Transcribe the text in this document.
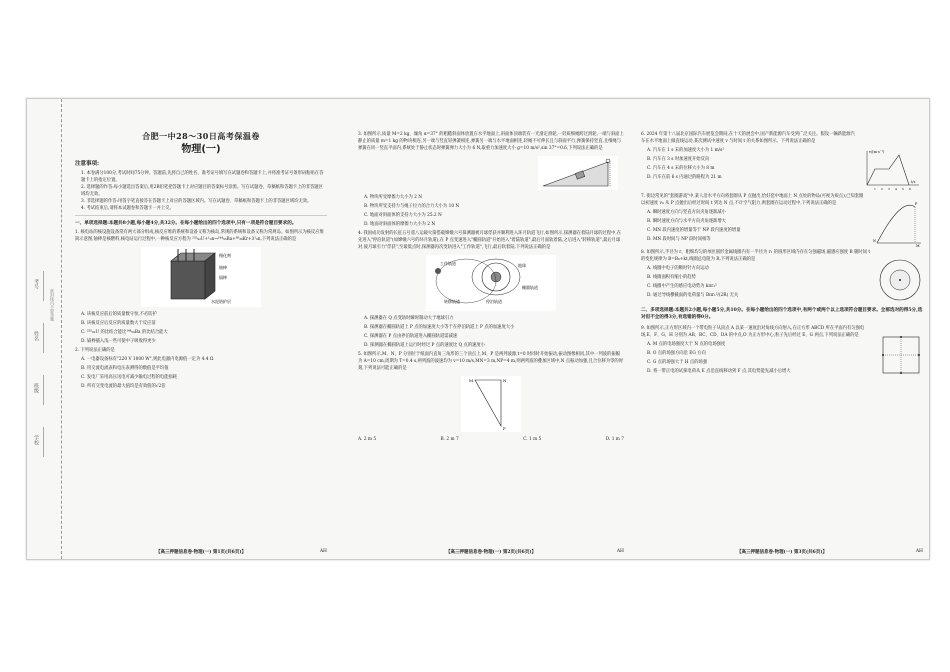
考号
姓名
班级
学校
密封线内不要答题
合肥一中28～30日高考保温卷
物理(一)
注意事项:
1. 本卷满分100分,考试时间75分钟。答题前,先将自己的姓名、准考证号填写在试题卷和答题卡上,并将准考证号条形码粘贴在答题卡上的指定位置。
2. 选择题的作答:每小题选出答案后,用2B铅笔把答题卡上对应题目的答案标号涂黑。写在试题卷、草稿纸和答题卡上的非答题区域均无效。
3. 非选择题的作答:用签字笔直接答在答题卡上对应的答题区域内。写在试题卷、草稿纸和答题卡上的非答题区域均无效。
4. 考试结束后,请将本试题卷和答题卡一并上交。
一、单项选择题:本题共8小题,每小题4分,共32分。在每小题给出的四个选项中,只有一项是符合题目要求的。
1. 核电站的核设施设备常有两大部分组成,核反应堆的系统和设备又称为核岛,常规的系统和设备又称为常规岛。如图所示为核反应堆简示意图,铀棒是核燃料,核电站运行过程中,一种核反应方程为 ²³⁵₉₂U+¹₀n→¹⁴⁴₅₆Ba+⁸⁹₃₆Kr+3¹₀n,下列说法正确的是
慢化剂
铀棒
镉棒
水泥防护层
A. 该核反应前后的质量数守恒,不必防护
B. 该核反应后反应的质量数大于反应前
C. ²³⁵₉₂U 的比结合能比¹⁴⁴₅₆Ba 的比结合能大
D. 镉棒插入浅一些可使中子吸收得更少
2. 下列说法正确的是
A. 一电器设备标有"220 V 1000 W",则此电器内电源值一定为 4.4 Ω
B. 用交流电流表和电压表测得的数值是平均值
C. 发电厂采用高压送电可减少输电过程的电能损耗
D. 所有交变电流的最大值均是有效值的√2倍
3. 如图所示,质量 M=2 kg、倾角 α=37° 的粗糙斜面体放置在水平地面上,斜面体顶端装有一光滑定滑轮,一轻质细绳跨过滑轮,一端与斜面上静止的质量 m=1 kg 的物块相连,另一端与竖直轻弹簧相连,弹簧另一端与水平地面相连,轻绳不可伸长且与斜面平行,弹簧保持竖直,且细绳与弹簧在同一竖直平面内,系统处于静止状态时弹簧弹力大小为 6 N,取重力加速度大小 g=10 m/s²,sin 37°=0.6,下列说法正确的是
A. 物块所受摩擦力大小为 2 N
B. 物块所受支持力与绳子拉力的合力大小为 10 N
C. 地面对斜面体的支持力大小为 25.2 N
D. 地面对斜面体的摩擦力大小为 2 N
4. 我国成功发射的长征五号遥八运载火箭搭载嫦娥六号探测器被月球俘获并顺利进入环月轨道飞行,如图所示,探测器在着陆月球的过程中,在先进入"停泊轨道"(如嫦娥六号的环月轨道),在 P 点变速进入"椭圆轨道"开始进入"着陆轨道",最后月面软着陆,之后进入"转移轨道",最后月球对,彼月球引力"俘获",至最低点时,探测器再次变轨进入"工作轨道",飞行,最后软着陆,下列说法正确的是
工作轨道	地球
转移轨道	停泊轨道
椭圆轨道
A. 探测器在 Q 点变轨时瞬时制动大于地球引力
B. 探测器在椭圆轨道上 P 点的加速度大小等于在停泊轨道上 P 点的加速度大小
C. 探测器在 P 点由停泊轨道进入椭圆轨道需减速
D. 探测器在椭圆轨道上运行时经过 P 点的速度比 Q 点的速度小
5. 如图所示,M、N、P 分别位于纸面内直角三角形的三个顶点上,M、P 是两列波源,t=0 时同时开始振动,振动图像相同,其中一列波的振幅为 A=10 cm,周期为 T=0.4 s,两列波的波速均为 v=10 m/s,MN=3 m,NP=4 m,则两列波的叠加区域中,N 点振动加强,且合位移为零的时刻,下列说法可能正确的是
M	N
P
A. 2 m 5	B. 2 m 7	C. 1 m 5	D. 1 m 7
6. 2024 年第十八届北京国际汽车展览会期间,在十天的展会中,国产新能源汽车受到广泛关注。假设一辆新能源汽车在水平地面上做直线运动,某次测试中速度 v 与时间 t 的关系如图所示。下列说法正确的是
A. 汽车在 1 s 末的加速度大小为 1 m/s²
B. 汽车在 3 s 时加速度开始反向
C. 汽车在 4 s 末的位移大小为 8 m
D. 汽车在前 6 s 内通过的路程为 21 m
t/s
v/(m·s⁻¹)
1 2 3 4 5 6
7. 街边常见的"套圈游戏"中,某人沿水平方向将套圈从 P 点抛出,恰好套中地面上 N 点处的物品(可视为质点),已知套圈以初速度 v₀ 从 P 点抛出后经过时间 t 到达 N 点,不计空气阻力,则套圈在运动过程中,下列说法正确的是
A. 瞬时速度方向与竖直方向夹角逐渐减小
B. 瞬时速度方向与水平方向夹角逐渐增大
C. MN 段内速度的增量等于 NP 段内速度的增量
D. MN 段时间与 NP 段时间相等
P
N
M
8. 如图所示,半径为 r、粗细均匀的单匝圆形金属线圈内有一半径为 r₁ 的圆形区域内存在匀强磁场,磁感应强度 B 随时间 t 的变化规律为 B=B₀+kt,线圈总电阻为 R,下列说法正确的是
A. 线圈中电子的顺时针方向运动
B. 线圈面积有缩小的趋势
C. 线圈中产生的感应电动势为 kπr₁²
D. 通过导线横截面的电荷量与 Bπr₁²/(2R) 无关
二、多项选择题:本题共2小题,每小题5分,共10分。在每小题给出的四个选项中,有两个或两个以上选项符合题目要求。全部选对的得5分,选对但不全的得3分,有选错的得0分。
9. 如图所示,正方形区域内一个带电粒子从顶点 A 以某一速度沿对角线方向射入,在正方形 ABCD 所在平面内有匀强电场,E、F、G、H 分别为 AB、BC、CD、DA 的中点,O 为正方形中心,粒子先后经过 E、G 两点,下列说法正确的是
A. M 点的电场强度大于 N 点的电场强度
B. O 点的场强方向沿 EG 方向
C. G 点的场强大于 H 点的场强
D. 将一带正电的试探电荷从 E 点沿直线移动到 F 点,其电势能先减小后增大
【高三押题信息卷·物理(一) 第1页(共6页)】	AH	【高三押题信息卷·物理(一) 第2页(共6页)】	AH	【高三押题信息卷·物理(一) 第3页(共6页)】	AH
